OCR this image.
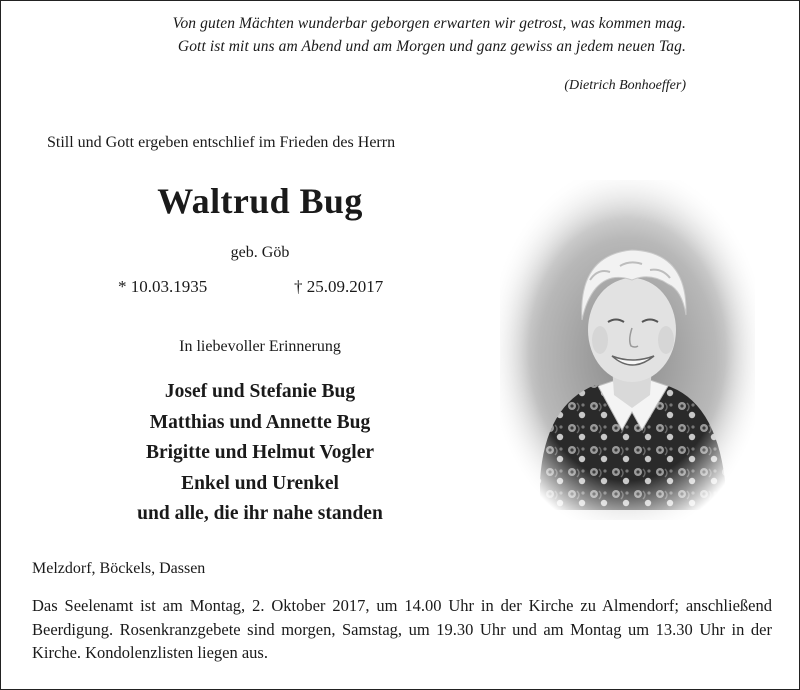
Von guten Mächten wunderbar geborgen erwarten wir getrost, was kommen mag.
Gott ist mit uns am Abend und am Morgen und ganz gewiss an jedem neuen Tag.
(Dietrich Bonhoeffer)
Still und Gott ergeben entschlief im Frieden des Herrn
Waltrud Bug
geb. Göb
* 10.03.1935	† 25.09.2017
In liebevoller Erinnerung
Josef und Stefanie Bug
Matthias und Annette Bug
Brigitte und Helmut Vogler
Enkel und Urenkel
und alle, die ihr nahe standen
Melzdorf, Böckels, Dassen
Das Seelenamt ist am Montag, 2. Oktober 2017, um 14.00 Uhr in der Kirche zu Almendorf; anschließend Beerdigung. Rosenkranzgebete sind morgen, Samstag, um 19.30 Uhr und am Montag um 13.30 Uhr in der Kirche. Kondolenzlisten liegen aus.
